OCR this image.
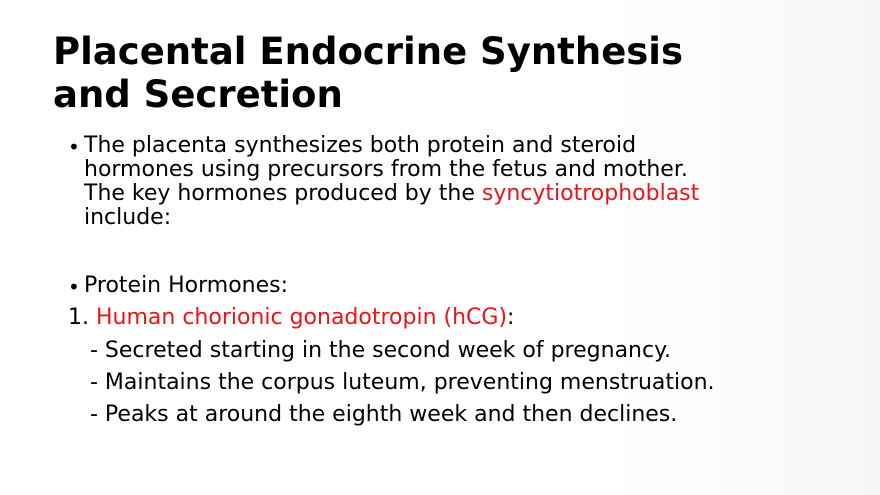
Placental Endocrine Synthesis
and Secretion
• The placenta synthesizes both protein and steroid
hormones using precursors from the fetus and mother.
The key hormones produced by the syncytiotrophoblast
include:
• Protein Hormones:
1. Human chorionic gonadotropin (hCG):
- Secreted starting in the second week of pregnancy.
- Maintains the corpus luteum, preventing menstruation.
- Peaks at around the eighth week and then declines.
